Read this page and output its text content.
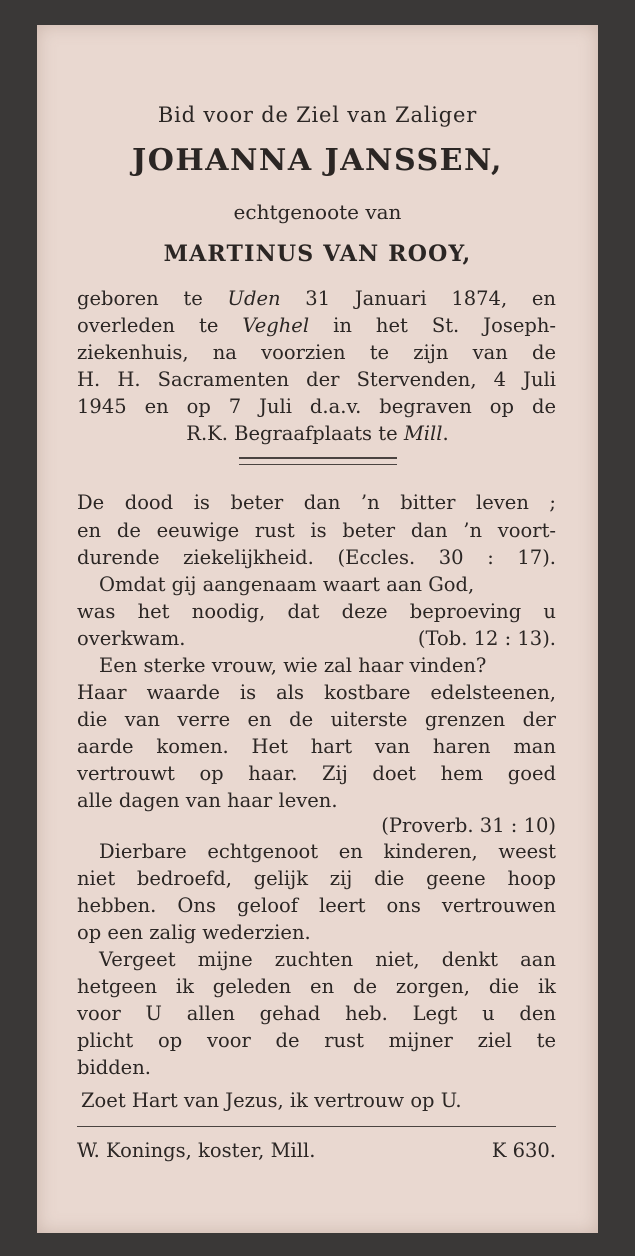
Bid voor de Ziel van Zaliger
JOHANNA JANSSEN,
echtgenoote van
MARTINUS VAN ROOY,
geboren te Uden 31 Januari 1874, en
overleden te Veghel in het St. Joseph-
ziekenhuis, na voorzien te zijn van de
H. H. Sacramenten der Stervenden, 4 Juli
1945 en op 7 Juli d.a.v. begraven op de
R.K. Begraafplaats te Mill.
De dood is beter dan ’n bitter leven ;
en de eeuwige rust is beter dan ’n voort-
durende ziekelijkheid. (Eccles. 30 : 17).
Omdat gij aangenaam waart aan God,
was het noodig, dat deze beproeving u
overkwam.	(Tob. 12 : 13).
Een sterke vrouw, wie zal haar vinden?
Haar waarde is als kostbare edelsteenen,
die van verre en de uiterste grenzen der
aarde komen. Het hart van haren man
vertrouwt op haar. Zij doet hem goed
alle dagen van haar leven.
(Proverb. 31 : 10)
Dierbare echtgenoot en kinderen, weest
niet bedroefd, gelijk zij die geene hoop
hebben. Ons geloof leert ons vertrouwen
op een zalig wederzien.
Vergeet mijne zuchten niet, denkt aan
hetgeen ik geleden en de zorgen, die ik
voor U allen gehad heb. Legt u den
plicht op voor de rust mijner ziel te
bidden.
Zoet Hart van Jezus, ik vertrouw op U.
W. Konings, koster, Mill.	K 630.
